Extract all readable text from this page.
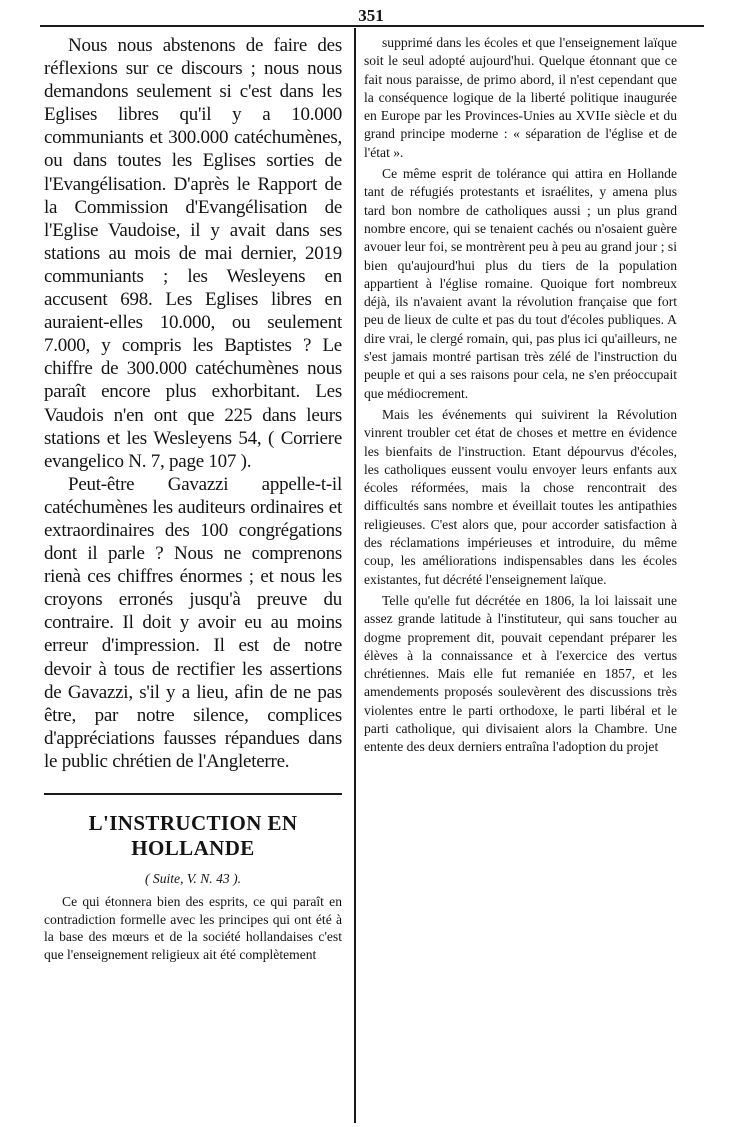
351

Nous nous abstenons de faire des réflexions sur ce discours ; nous nous demandons seulement si c'est dans les Eglises libres qu'il y a 10.000 communiants et 300.000 catéchumènes, ou dans toutes les Eglises sorties de l'Evangélisation. D'après le Rapport de la Commission d'Evangélisation de l'Eglise Vaudoise, il y avait dans ses stations au mois de mai dernier, 2019 communiants ; les Wesleyens en accusent 698. Les Eglises libres en auraient-elles 10.000, ou seulement 7.000, y compris les Baptistes ? Le chiffre de 300.000 catéchumènes nous paraît encore plus exhorbitant. Les Vaudois n'en ont que 225 dans leurs stations et les Wesleyens 54, ( Corriere evangelico N. 7, page 107 ).

Peut-être Gavazzi appelle-t-il catéchumènes les auditeurs ordinaires et extraordinaires des 100 congrégations dont il parle ? Nous ne comprenons rienà ces chiffres énormes ; et nous les croyons erronés jusqu'à preuve du contraire. Il doit y avoir eu au moins erreur d'impression. Il est de notre devoir à tous de rectifier les assertions de Gavazzi, s'il y a lieu, afin de ne pas être, par notre silence, complices d'appréciations fausses répandues dans le public chrétien de l'Angleterre.

L'INSTRUCTION EN HOLLANDE
( Suite, V. N. 43 ).

Ce qui étonnera bien des esprits, ce qui paraît en contradiction formelle avec les principes qui ont été à la base des mœurs et de la société hollandaises c'est que l'enseignement religieux ait été complètement

supprimé dans les écoles et que l'enseignement laïque soit le seul adopté aujourd'hui. Quelque étonnant que ce fait nous paraisse, de primo abord, il n'est cependant que la conséquence logique de la liberté politique inaugurée en Europe par les Provinces-Unies au XVIIe siècle et du grand principe moderne : « séparation de l'église et de l'état ».

Ce même esprit de tolérance qui attira en Hollande tant de réfugiés protestants et israélites, y amena plus tard bon nombre de catholiques aussi ; un plus grand nombre encore, qui se tenaient cachés ou n'osaient guère avouer leur foi, se montrèrent peu à peu au grand jour ; si bien qu'aujourd'hui plus du tiers de la population appartient à l'église romaine. Quoique fort nombreux déjà, ils n'avaient avant la révolution française que fort peu de lieux de culte et pas du tout d'écoles publiques. A dire vrai, le clergé romain, qui, pas plus ici qu'ailleurs, ne s'est jamais montré partisan très zélé de l'instruction du peuple et qui a ses raisons pour cela, ne s'en préoccupait que médiocrement.

Mais les événements qui suivirent la Révolution vinrent troubler cet état de choses et mettre en évidence les bienfaits de l'instruction. Etant dépourvus d'écoles, les catholiques eussent voulu envoyer leurs enfants aux écoles réformées, mais la chose rencontrait des difficultés sans nombre et éveillait toutes les antipathies religieuses. C'est alors que, pour accorder satisfaction à des réclamations impérieuses et introduire, du même coup, les améliorations indispensables dans les écoles existantes, fut décrété l'enseignement laïque.

Telle qu'elle fut décrétée en 1806, la loi laissait une assez grande latitude à l'instituteur, qui sans toucher au dogme proprement dit, pouvait cependant préparer les élèves à la connaissance et à l'exercice des vertus chrétiennes. Mais elle fut remaniée en 1857, et les amendements proposés soulevèrent des discussions très violentes entre le parti orthodoxe, le parti libéral et le parti catholique, qui divisaient alors la Chambre. Une entente des deux derniers entraîna l'adoption du projet
